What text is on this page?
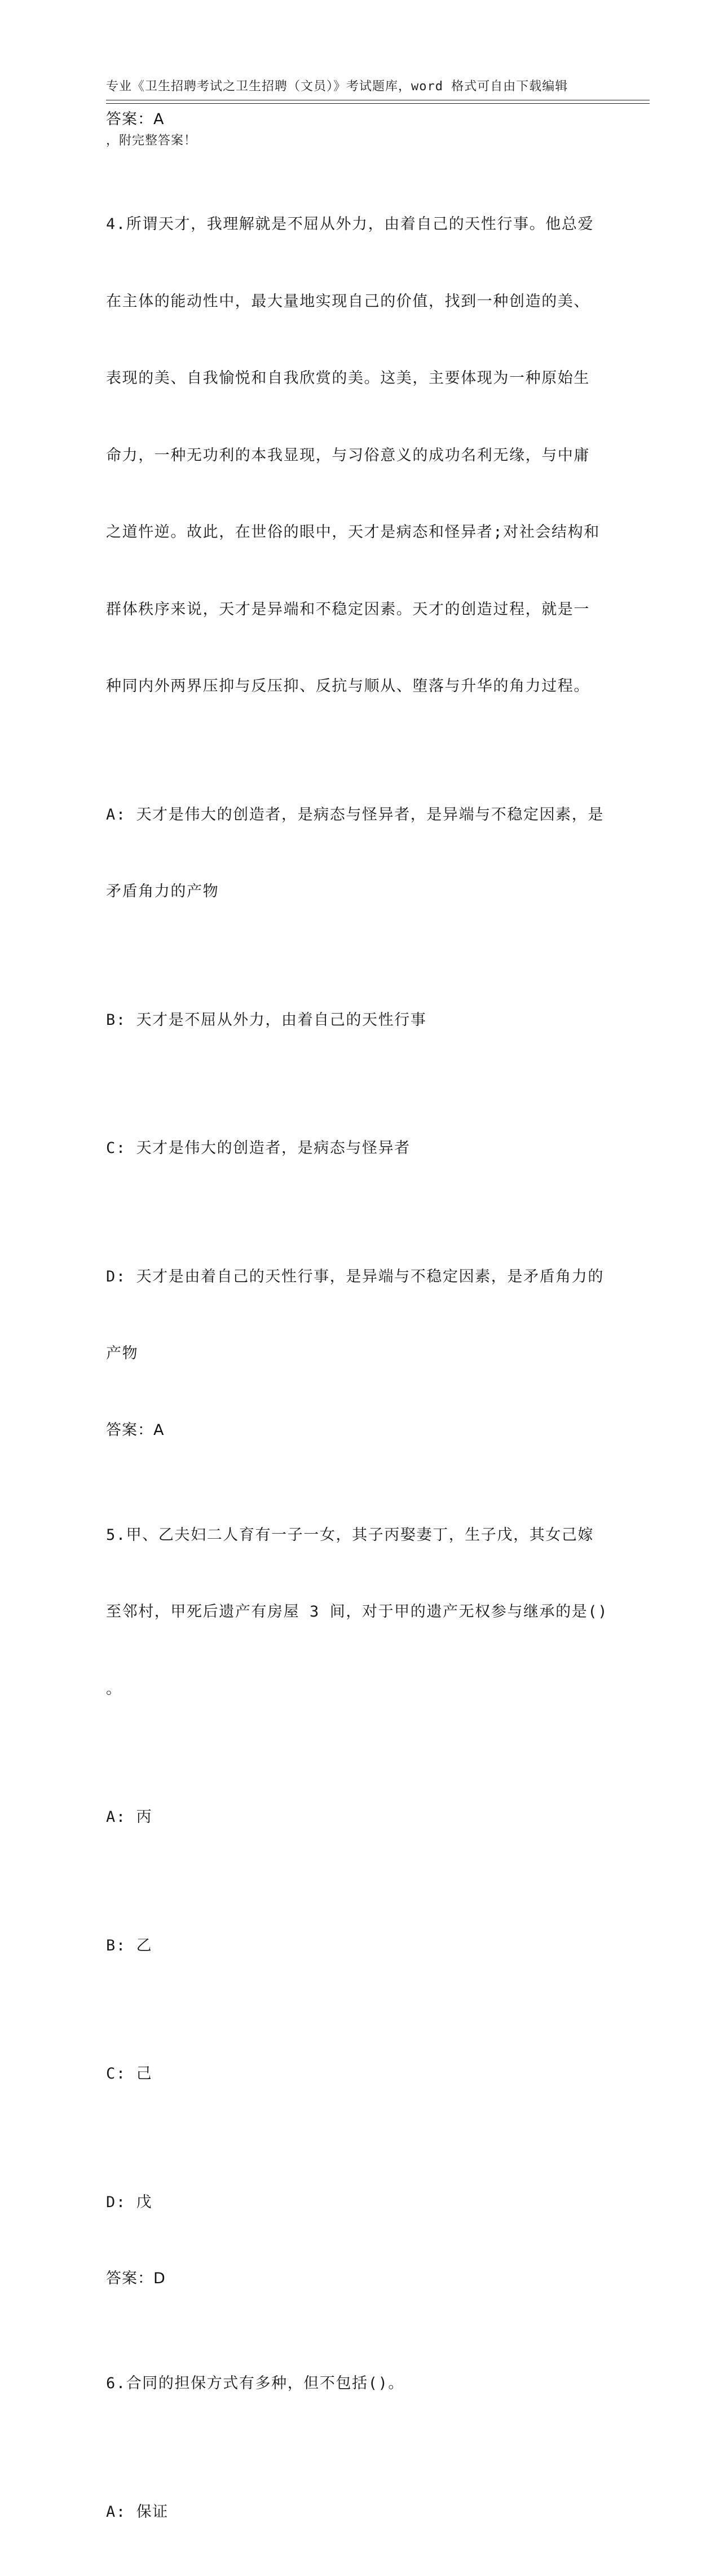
专业《卫生招聘考试之卫生招聘（文员）》考试题库，word 格式可自由下载编辑

，附完整答案！

答案：A

4.所谓天才，我理解就是不屈从外力，由着自己的天性行事。他总爱

在主体的能动性中，最大量地实现自己的价值，找到一种创造的美、

表现的美、自我愉悦和自我欣赏的美。这美，主要体现为一种原始生

命力，一种无功利的本我显现，与习俗意义的成功名利无缘，与中庸

之道忤逆。故此，在世俗的眼中，天才是病态和怪异者;对社会结构和

群体秩序来说，天才是异端和不稳定因素。天才的创造过程，就是一

种同内外两界压抑与反压抑、反抗与顺从、堕落与升华的角力过程。

A: 天才是伟大的创造者，是病态与怪异者，是异端与不稳定因素，是

矛盾角力的产物

B: 天才是不屈从外力，由着自己的天性行事

C: 天才是伟大的创造者，是病态与怪异者

D: 天才是由着自己的天性行事，是异端与不稳定因素，是矛盾角力的

产物

答案：A

5.甲、乙夫妇二人育有一子一女，其子丙娶妻丁，生子戊，其女己嫁

至邻村，甲死后遗产有房屋 3 间，对于甲的遗产无权参与继承的是()

。

A: 丙

B: 乙

C: 己

D: 戊

答案：D

6.合同的担保方式有多种，但不包括()。

A: 保证
